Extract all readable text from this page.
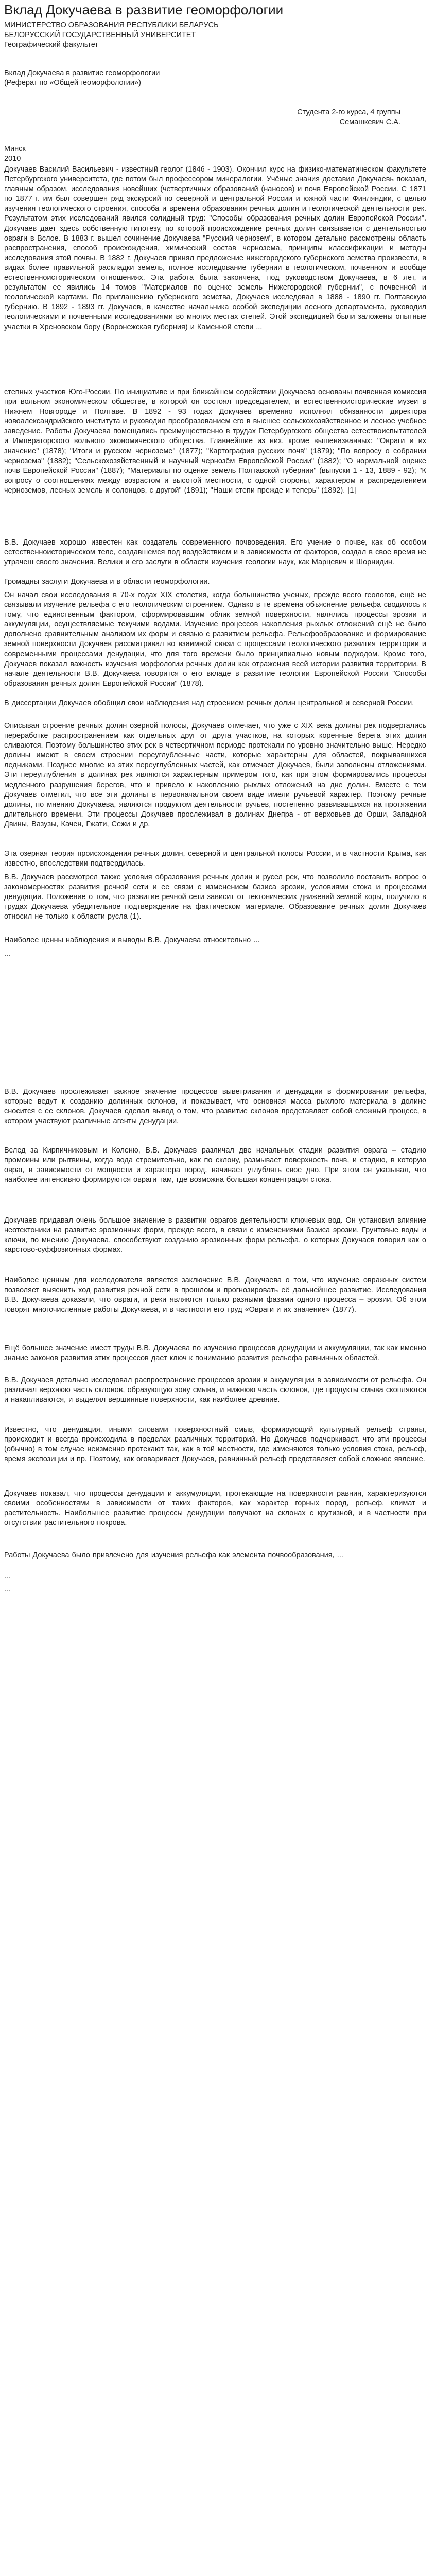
Вклад Докучаева в развитие геоморфологии
МИНИСТЕРСТВО ОБРАЗОВАНИЯ РЕСПУБЛИКИ БЕЛАРУСЬ
БЕЛОРУССКИЙ ГОСУДАРСТВЕННЫЙ УНИВЕРСИТЕТ
Географический факультет
Вклад Докучаева в развитие геоморфологии
(Реферат по «Общей геоморфологии»)
Студента 2-го курса, 4 группы
Семашкевич С.А.
Минск
2010

Докучаев Василий Васильевич - известный геолог (1846 - 1903). Окончил курс на физико-математическом факультете Петербургского университета, где потом был профессором минералогии. Учёные знания доставил Докучаевь показал, главным образом, исследования новейших (четвертичных образований (наносов) и почв Европейской России. С 1871 по 1877 г. им был совершен ряд экскурсий по северной и центральной России и южной части Финляндии, с целью изучения геологического строения, способа и времени образования речных долин и геологической деятельности рек. Результатом этих исследований явился солидный труд: "Способы образования речных долин Европейской России". Докучаев дает здесь собственную гипотезу, по которой происхождение речных долин связывается с деятельностью овраги в Вслое. В 1883 г. вышел сочинение Докучаева "Русский чернозем", в котором детально рассмотрены область распространения, способ происхождения, химический состав чернозема, принципы классификации и методы исследования этой почвы. В 1882 г. Докучаев принял предложение нижегородского губернского земства произвести, в видах более правильной раскладки земель, полное исследование губернии в геологическом, почвенном и вообще естественноисторическом отношениях. Эта работа была закончена, под руководством Докучаева, в 6 лет, и результатом ее явились 14 томов "Материалов по оценке земель Нижегородской губернии", с почвенной и геологической картами. По приглашению губернского земства, Докучаев исследовал в 1888 - 1890 гг. Полтавскую губернию. В 1892 - 1893 гг. Докучаев, в качестве начальника особой экспедиции лесного департамента, руководил геологическими и почвенными исследованиями во многих местах степей. Этой экспедицией были заложены опытные участки в Хреновском бору (Воронежская губерния) и Каменной степи ...

степных участков Юго-России. По инициативе и при ближайшем содействии Докучаева основаны почвенная комиссия при вольном экономическом обществе, в которой он состоял председателем, и естественноисторические музеи в Нижнем Новгороде и Полтаве. В 1892 - 93 годах Докучаев временно исполнял обязанности директора новоалександрийского института и руководил преобразованием его в высшее сельскохозяйственное и лесное учебное заведение. Работы Докучаева помещались преимущественно в трудах Петербургского общества естествоиспытателей и Императорского вольного экономического общества. Главнейшие из них, кроме вышеназванных: "Овраги и их значение" (1878); "Итоги и русском черноземе" (1877); "Картография русских почв" (1879); "По вопросу о собрании чернозема" (1882); "Сельскохозяйственный и научный чернозём Европейской России" (1882); "О нормальной оценке почв Европейской России" (1887); "Материалы по оценке земель Полтавской губернии" (выпуски 1 - 13, 1889 - 92); "К вопросу о соотношениях между возрастом и высотой местности, с одной стороны, характером и распределением черноземов, лесных земель и солонцов, с другой" (1891); "Наши степи прежде и теперь" (1892). [1]

В.В. Докучаев хорошо известен как создатель современного почвоведения. Его учение о почве, как об особом естественноисторическом теле, создавшемся под воздействием и в зависимости от факторов, создал в свое время не утрачеш своего значения. Велики и его заслуги в области изучения геологии наук, как Марцевич и Шорнидин.

Громадны заслуги Докучаева и в области геоморфологии.

Он начал свои исследования в 70-х годах XIX столетия, когда большинство ученых, прежде всего геологов, ещё не связывали изучение рельефа с его геологическим строением. Однако в те времена объяснение рельефа сводилось к тому, что единственным фактором, сформировавшим облик земной поверхности, являлись процессы эрозии и аккумуляции, осуществляемые текучими водами. Изучение процессов накопления рыхлых отложений ещё не было дополнено сравнительным анализом их форм и связью с развитием рельефа. Рельефообразование и формирование земной поверхности Докучаев рассматривал во взаимной связи с процессами геологического развития территории и современными процессами денудации, что для того времени было принципиально новым подходом. Кроме того, Докучаев показал важность изучения морфологии речных долин как отражения всей истории развития территории. В начале деятельности В.В. Докучаева говорится о его вкладе в развитие геологии Европейской России "Способы образования речных долин Европейской России" (1878).

В диссертации Докучаев обобщил свои наблюдения над строением речных долин центральной и северной России.

Описывая строение речных долин озерной полосы, Докучаев отмечает, что уже с XIX века долины рек подвергались переработке распространением как отдельных друг от друга участков, на которых коренные берега этих долин сливаются. Поэтому большинство этих рек в четвертичном периоде протекали по уровню значительно выше. Нередко долины имеют в своем строении переуглубленные части, которые характерны для областей, покрывавшихся ледниками. Позднее многие из этих переуглубленных частей, как отмечает Докучаев, были заполнены отложениями. Эти переуглубления в долинах рек являются характерным примером того, как при этом формировались процессы медленного разрушения берегов, что и привело к накоплению рыхлых отложений на дне долин. Вместе с тем Докучаев отметил, что все эти долины в первоначальном своем виде имели ручьевой характер. Поэтому речные долины, по мнению Докучаева, являются продуктом деятельности ручьев, постепенно развивавшихся на протяжении длительного времени. Эти процессы Докучаев прослеживал в долинах Днепра - от верховьев до Орши, Западной Двины, Вазузы, Качен, Гжати, Сежи и др.

Эта озерная теория происхождения речных долин, северной и центральной полосы России, и в частности Крыма, как известно, впоследствии подтвердилась.

В.В. Докучаев рассмотрел также условия образования речных долин и русел рек, что позволило поставить вопрос о закономерностях развития речной сети и ее связи с изменением базиса эрозии, условиями стока и процессами денудации. Положение о том, что развитие речной сети зависит от тектонических движений земной коры, получило в трудах Докучаева убедительное подтверждение на фактическом материале. Образование речных долин Докучаев относил не только к области русла (1).

Наиболее ценны наблюдения и выводы В.В. Докучаева относительно ...

...

В.В. Докучаев прослеживает важное значение процессов выветривания и денудации в формировании рельефа, которые ведут к созданию долинных склонов, и показывает, что основная масса рыхлого материала в долине сносится с ее склонов. Докучаев сделал вывод о том, что развитие склонов представляет собой сложный процесс, в котором участвуют различные агенты денудации.

Вслед за Кирпичниковым и Коленю, В.В. Докучаев различал две начальных стадии развития оврага – стадию промоины или рытвины, когда вода стремительно, как по склону, размывает поверхность почв, и стадию, в которую овраг, в зависимости от мощности и характера пород, начинает углублять свое дно. При этом он указывал, что наиболее интенсивно формируются овраги там, где возможна большая концентрация стока.

Докучаев придавал очень большое значение в развитии оврагов деятельности ключевых вод. Он установил влияние неотектоники на развитие эрозионных форм, прежде всего, в связи с изменениями базиса эрозии. Грунтовые воды и ключи, по мнению Докучаева, способствуют созданию эрозионных форм рельефа, о которых Докучаев говорил как о карстово-суффозионных формах.

Наиболее ценным для исследователя является заключение В.В. Докучаева о том, что изучение овражных систем позволяет выяснить ход развития речной сети в прошлом и прогнозировать её дальнейшее развитие. Исследования В.В. Докучаева доказали, что овраги, и реки являются только разными фазами одного процесса – эрозии. Об этом говорят многочисленные работы Докучаева, и в частности его труд «Овраги и их значение» (1877).

Ещё большее значение имеет труды В.В. Докучаева по изучению процессов денудации и аккумуляции, так как именно знание законов развития этих процессов дает ключ к пониманию развития рельефа равнинных областей.

В.В. Докучаев детально исследовал распространение процессов эрозии и аккумуляции в зависимости от рельефа. Он различал верхнюю часть склонов, образующую зону смыва, и нижнюю часть склонов, где продукты смыва скопляются и накапливаются, и выделял вершинные поверхности, как наиболее древние.

Известно, что денудация, иными словами поверхностный смыв, формирующий культурный рельеф страны, происходит и всегда происходила в пределах различных территорий. Но Докучаев подчеркивает, что эти процессы (обычно) в том случае неизменно протекают так, как в той местности, где изменяются только условия стока, рельеф, время экспозиции и пр. Поэтому, как оговаривает Докучаев, равнинный рельеф представляет собой сложное явление.

Докучаев показал, что процессы денудации и аккумуляции, протекающие на поверхности равнин, характеризуются своими особенностями в зависимости от таких факторов, как характер горных пород, рельеф, климат и растительность. Наибольшее развитие процессы денудации получают на склонах с крутизной, и в частности при отсутствии растительного покрова.

Работы Докучаева было привлечено для изучения рельефа как элемента почвообразования, ...

...

...
